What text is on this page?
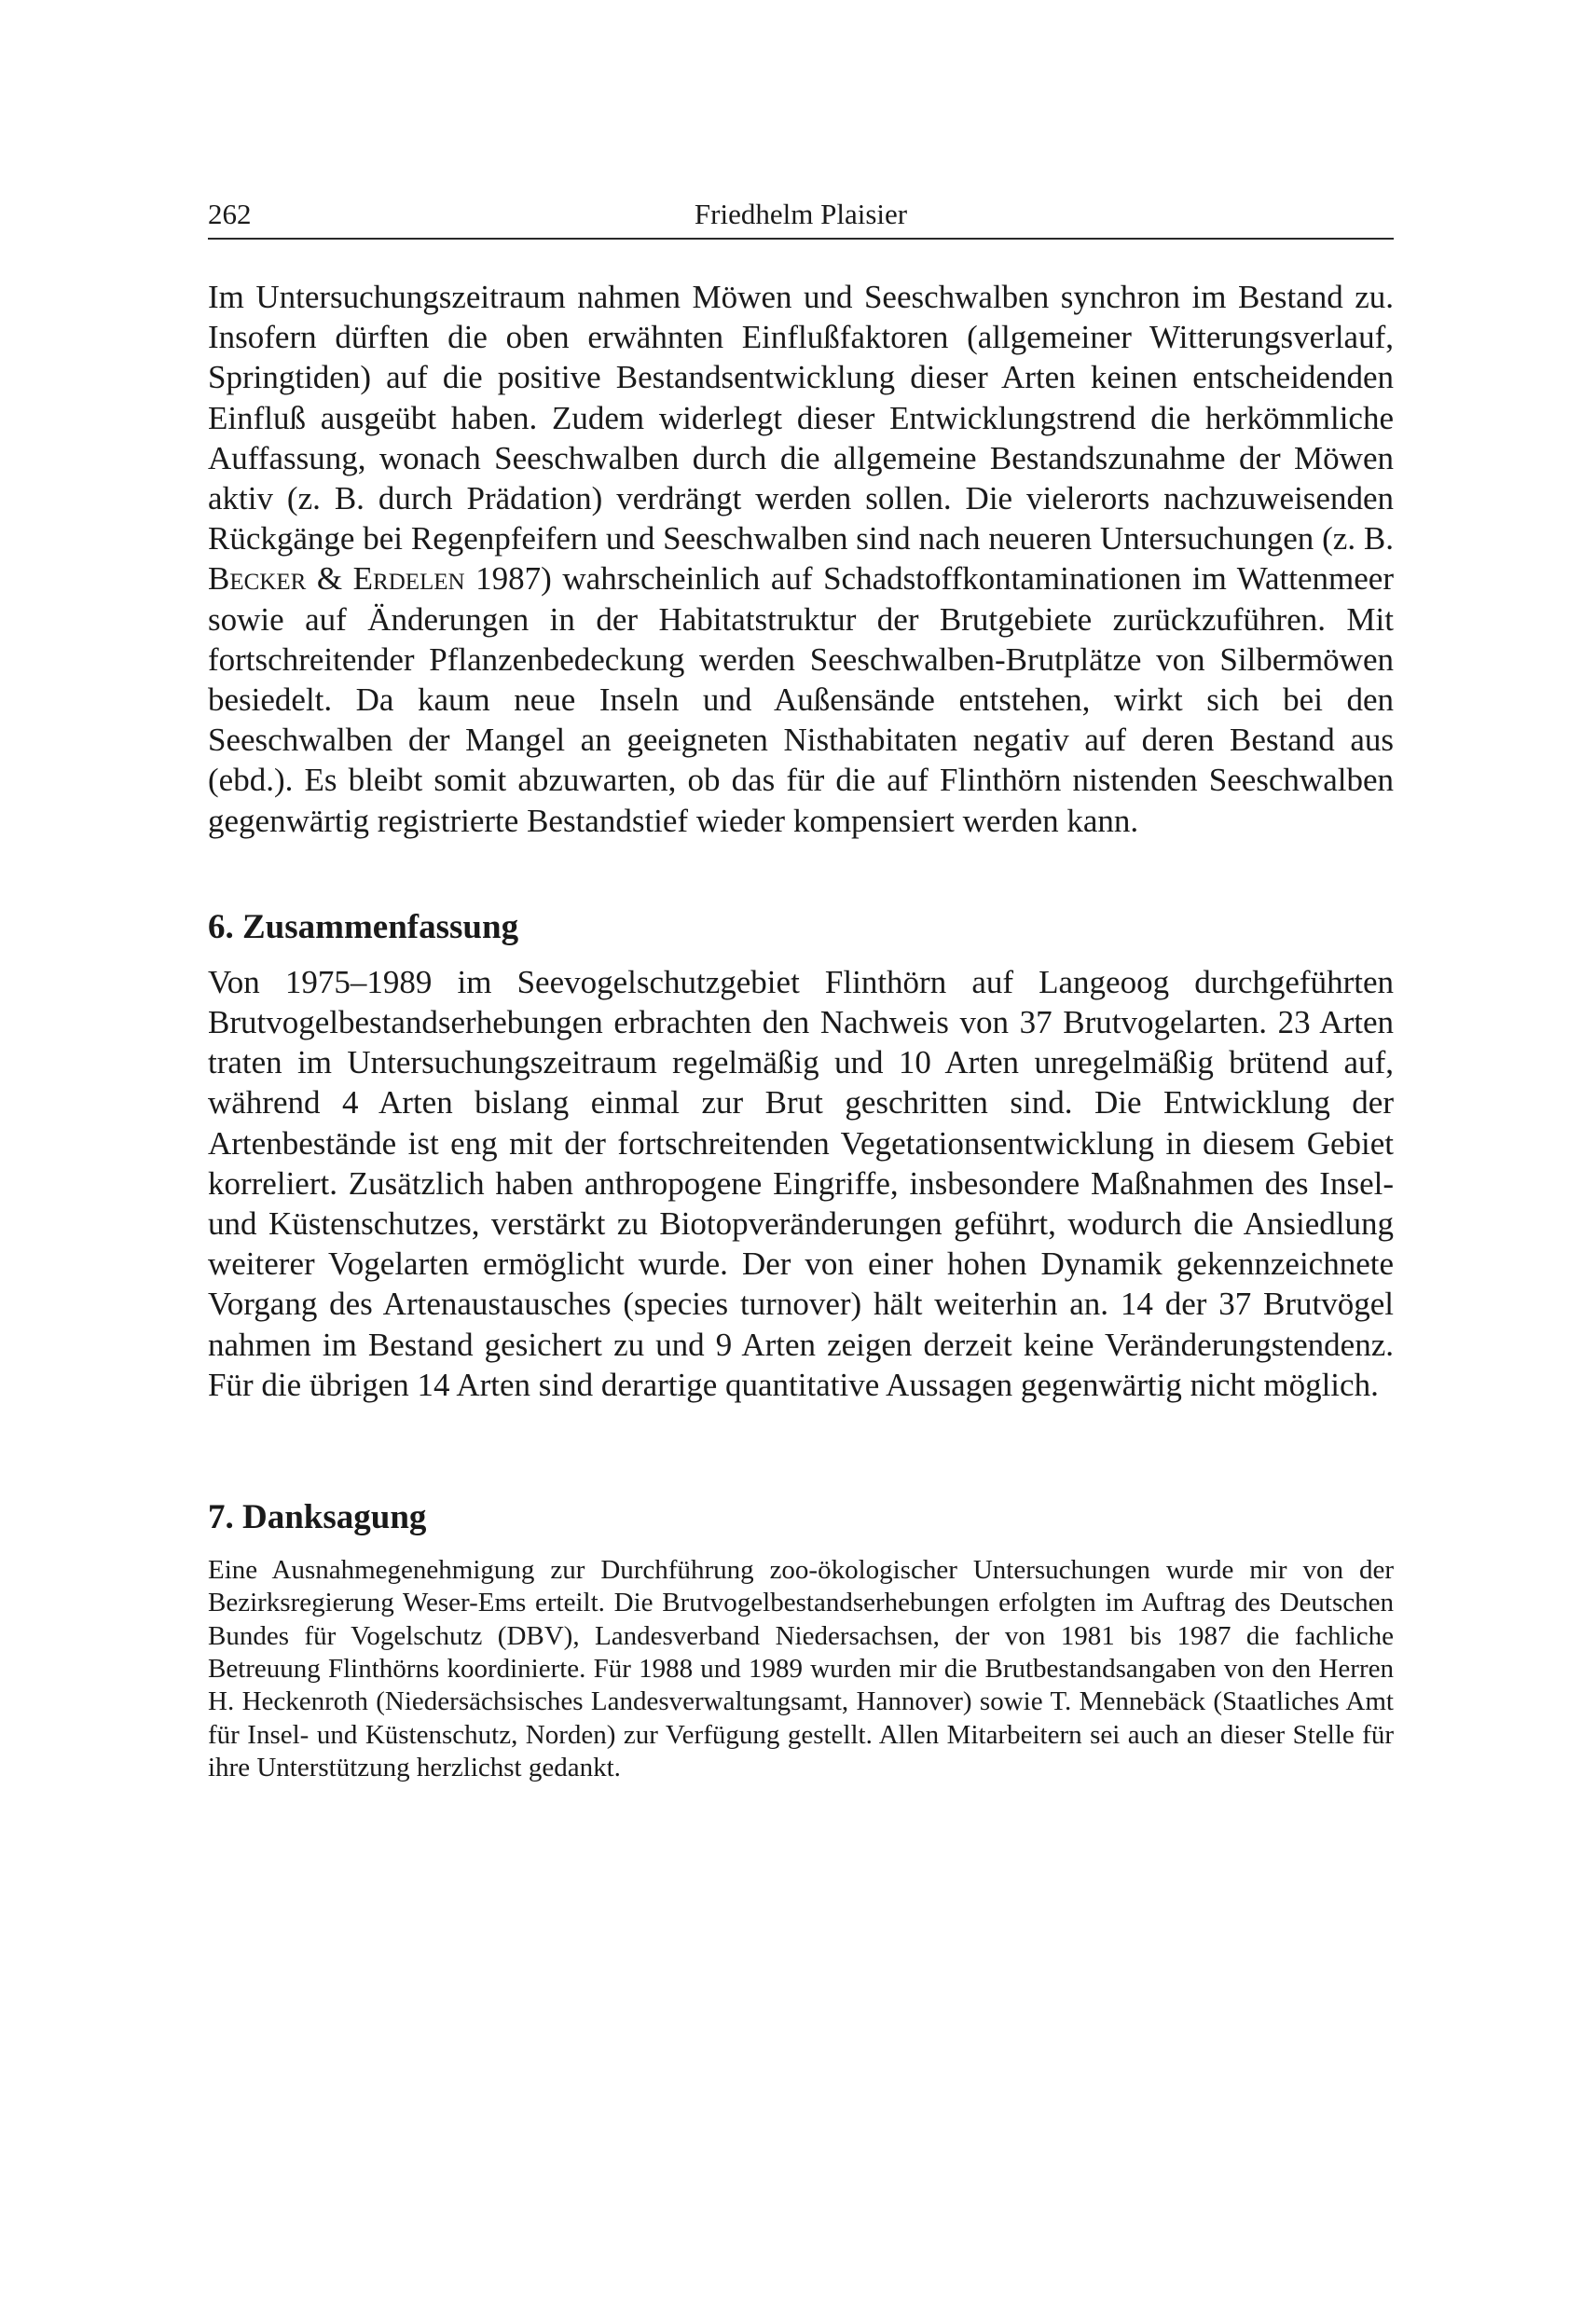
262	Friedhelm Plaisier

Im Untersuchungszeitraum nahmen Möwen und Seeschwalben synchron im Bestand zu. Insofern dürften die oben erwähnten Einflußfaktoren (allgemeiner Witterungsverlauf, Springtiden) auf die positive Bestandsentwicklung dieser Arten keinen entscheidenden Einfluß ausgeübt haben. Zudem widerlegt dieser Entwicklungstrend die herkömmliche Auffassung, wonach Seeschwalben durch die allgemeine Bestandszunahme der Möwen aktiv (z. B. durch Prädation) verdrängt werden sollen. Die vielerorts nachzuweisenden Rückgänge bei Regenpfeifern und Seeschwalben sind nach neueren Untersuchungen (z. B. Becker & Erdelen 1987) wahrscheinlich auf Schadstoffkontaminationen im Wattenmeer sowie auf Änderungen in der Habitatstruktur der Brutgebiete zurückzuführen. Mit fortschreitender Pflanzenbedeckung werden Seeschwalben-Brutplätze von Silbermöwen besiedelt. Da kaum neue Inseln und Außensände entstehen, wirkt sich bei den Seeschwalben der Mangel an geeigneten Nisthabitaten negativ auf deren Bestand aus (ebd.). Es bleibt somit abzuwarten, ob das für die auf Flinthörn nistenden Seeschwalben gegenwärtig registrierte Bestandstief wieder kompensiert werden kann.

6. Zusammenfassung

Von 1975–1989 im Seevogelschutzgebiet Flinthörn auf Langeoog durchgeführten Brutvogelbestandserhebungen erbrachten den Nachweis von 37 Brutvogelarten. 23 Arten traten im Untersuchungszeitraum regelmäßig und 10 Arten unregelmäßig brütend auf, während 4 Arten bislang einmal zur Brut geschritten sind. Die Entwicklung der Artenbestände ist eng mit der fortschreitenden Vegetationsentwicklung in diesem Gebiet korreliert. Zusätzlich haben anthropogene Eingriffe, insbesondere Maßnahmen des Insel- und Küstenschutzes, verstärkt zu Biotopveränderungen geführt, wodurch die Ansiedlung weiterer Vogelarten ermöglicht wurde. Der von einer hohen Dynamik gekennzeichnete Vorgang des Artenaustausches (species turnover) hält weiterhin an. 14 der 37 Brutvögel nahmen im Bestand gesichert zu und 9 Arten zeigen derzeit keine Veränderungstendenz. Für die übrigen 14 Arten sind derartige quantitative Aussagen gegenwärtig nicht möglich.

7. Danksagung

Eine Ausnahmegenehmigung zur Durchführung zoo-ökologischer Untersuchungen wurde mir von der Bezirksregierung Weser-Ems erteilt. Die Brutvogelbestandserhebungen erfolgten im Auftrag des Deutschen Bundes für Vogelschutz (DBV), Landesverband Niedersachsen, der von 1981 bis 1987 die fachliche Betreuung Flinthörns koordinierte. Für 1988 und 1989 wurden mir die Brutbestandsangaben von den Herren H. Heckenroth (Niedersächsisches Landesverwaltungsamt, Hannover) sowie T. Mennebäck (Staatliches Amt für Insel- und Küstenschutz, Norden) zur Verfügung gestellt. Allen Mitarbeitern sei auch an dieser Stelle für ihre Unterstützung herzlichst gedankt.
